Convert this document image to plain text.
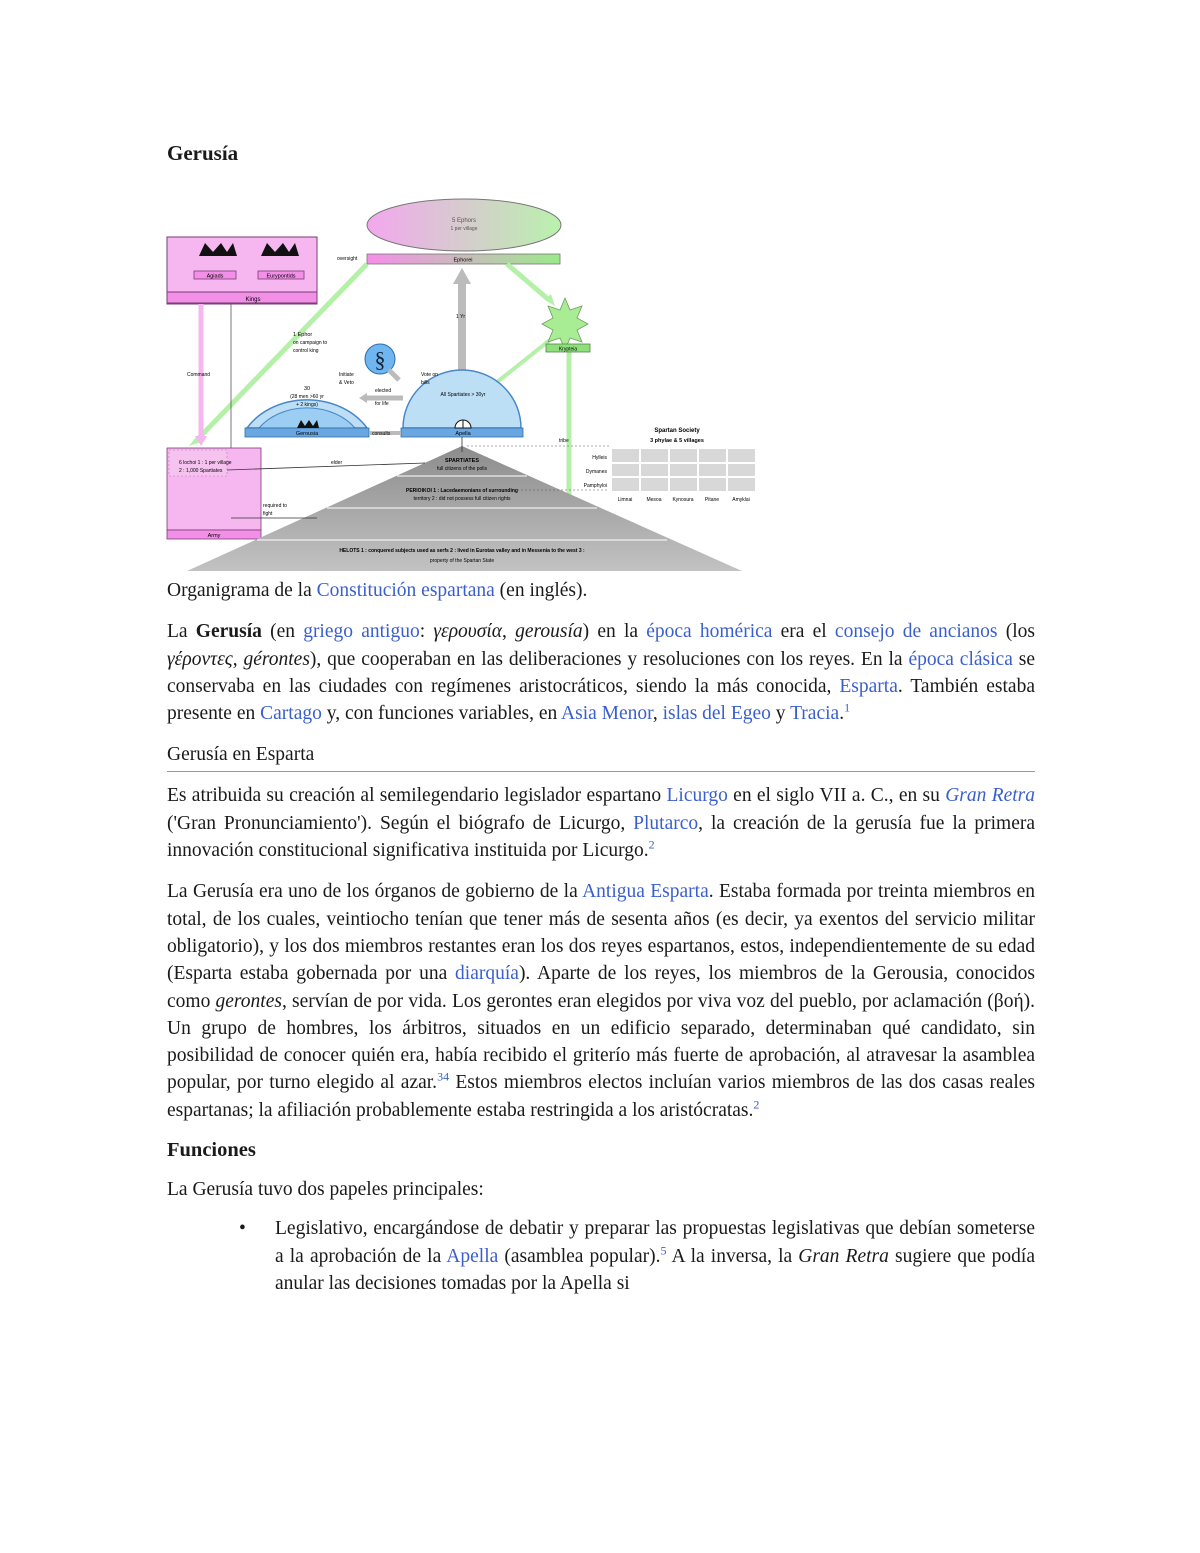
Gerusía
Kings
Agiads	Eurypontids
5 Ephors
1 per village
Ephorei
oversight
Krypteia
Command
1 Yr
1 Ephor
on campaign to
control king	§
30
(28 men >60 yr
+ 2 kings)
Gerousia
All Spartiates > 30yr
Apella
Initiate
& Veto
Vote on
bills
elected
for life
consults
6 lochoi 1 : 1 per village
2 : 1,000 Spartiates
Army
SPARTIATES
full citizens of the polis
PERIOIKOI 1 : Lacedaemonians of surrounding
territory 2 : did not possess full citizen rights
HELOTS 1 : conquered subjects used as serfs 2 : lived in Eurotas valley and in Messenia to the west 3 :
property of the Spartan State
elder
required to
fight
tribe
Spartan Society
3 phylae & 5 villages
Hylleis
Dymanes
Pamphyloi
Limnai	Mesoa Kynosura Pitane	Amyklai

Organigrama de la Constitución espartana (en inglés).

La Gerusía (en griego antiguo: γερουσία, gerousía) en la época homérica era el consejo de ancianos (los γέροντες, gérontes), que cooperaban en las deliberaciones y resoluciones con los reyes. En la época clásica se conservaba en las ciudades con regímenes aristocráticos, siendo la más conocida, Esparta. También estaba presente en Cartago y, con funciones variables, en Asia Menor, islas del Egeo y Tracia.$^1$

Gerusía en Esparta

Es atribuida su creación al semilegendario legislador espartano Licurgo en el siglo VII a. C., en su Gran Retra ('Gran Pronunciamiento'). Según el biógrafo de Licurgo, Plutarco, la creación de la gerusía fue la primera innovación constitucional significativa instituida por Licurgo.$^2$

La Gerusía era uno de los órganos de gobierno de la Antigua Esparta. Estaba formada por treinta miembros en total, de los cuales, veintiocho tenían que tener más de sesenta años (es decir, ya exentos del servicio militar obligatorio), y los dos miembros restantes eran los dos reyes espartanos, estos, independientemente de su edad (Esparta estaba gobernada por una diarquía). Aparte de los reyes, los miembros de la Gerousia, conocidos como gerontes, servían de por vida. Los gerontes eran elegidos por viva voz del pueblo, por aclamación (βοή). Un grupo de hombres, los árbitros, situados en un edificio separado, determinaban qué candidato, sin posibilidad de conocer quién era, había recibido el griterío más fuerte de aprobación, al atravesar la asamblea popular, por turno elegido al azar.$^{34}$ Estos miembros electos incluían varios miembros de las dos casas reales espartanas; la afiliación probablemente estaba restringida a los aristócratas.$^2$

Funciones

La Gerusía tuvo dos papeles principales:

• Legislativo, encargándose de debatir y preparar las propuestas legislativas que debían someterse a la aprobación de la Apella (asamblea popular).$^5$ A la inversa, la Gran Retra sugiere que podía anular las decisiones tomadas por la Apella si
